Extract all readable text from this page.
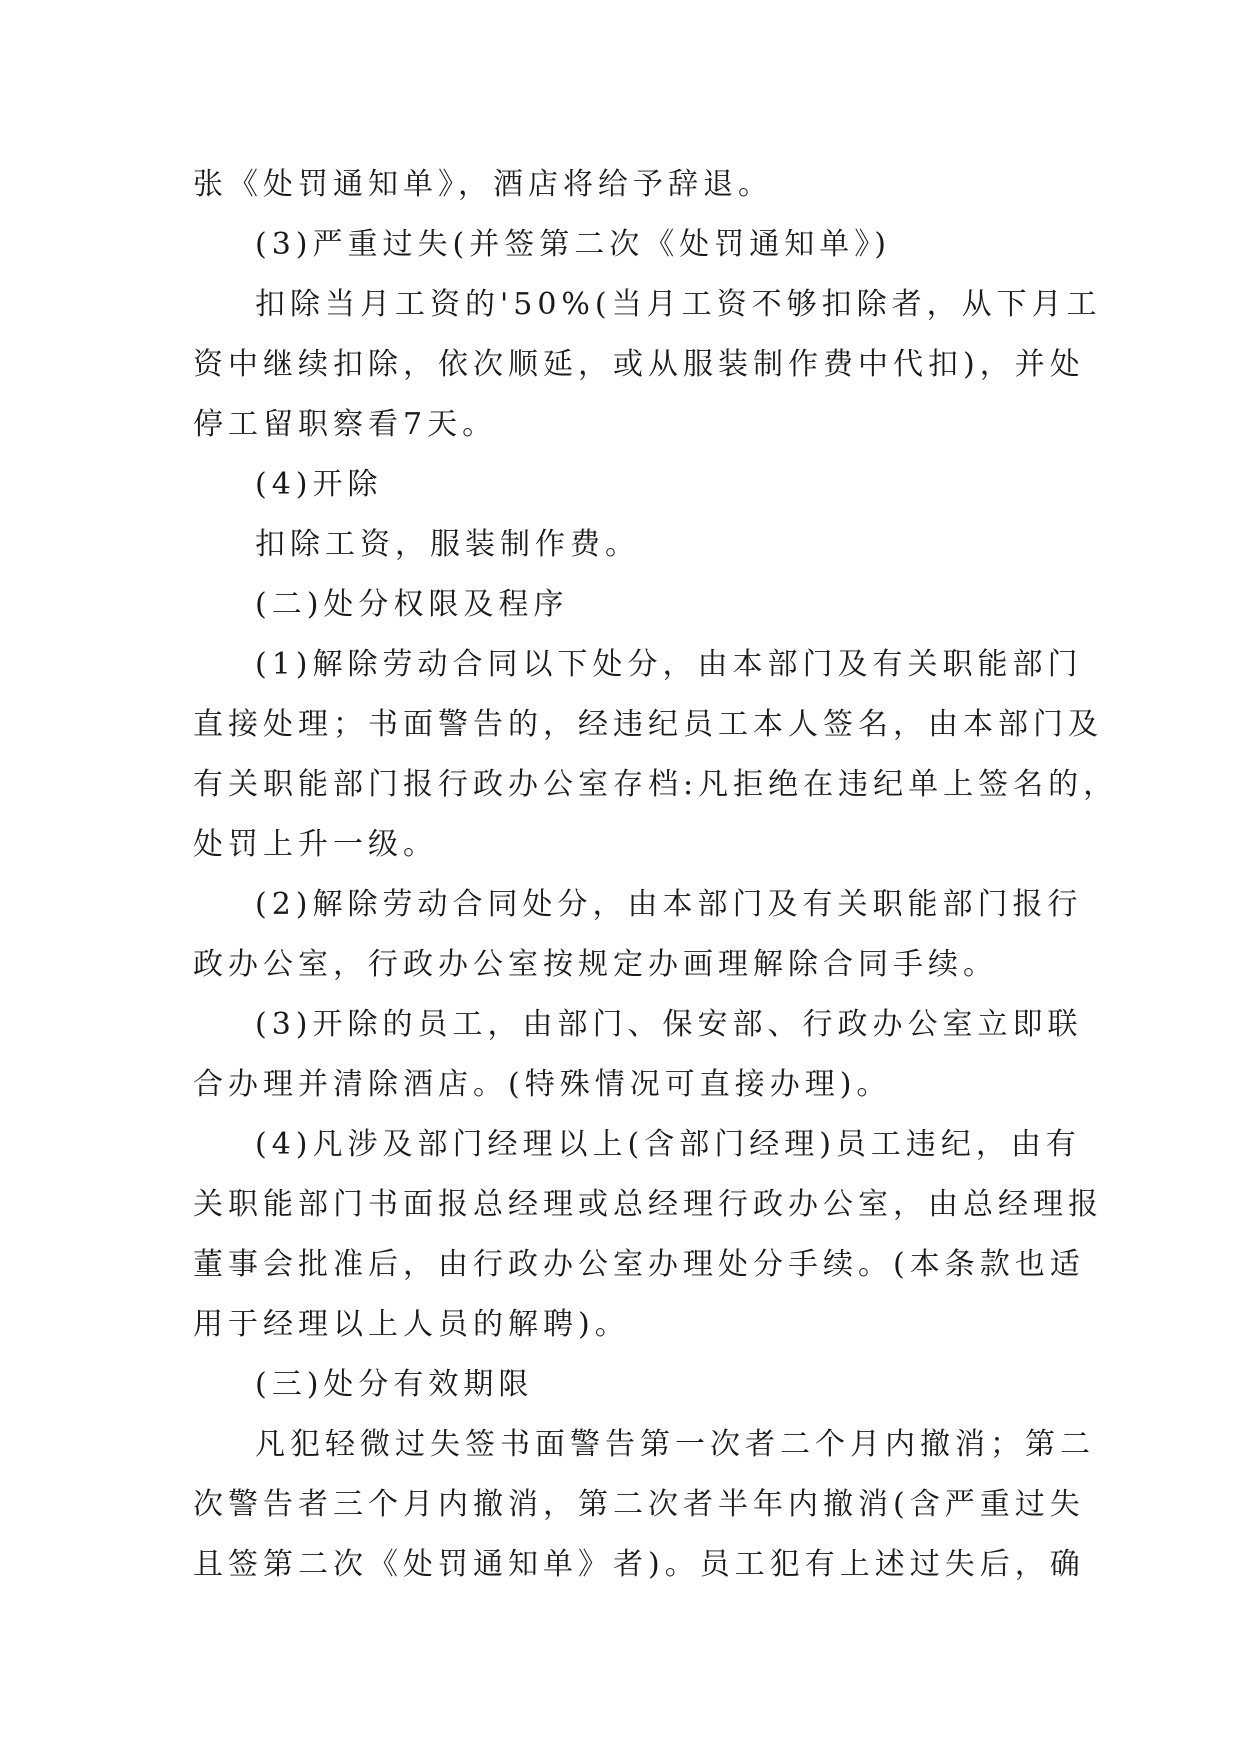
张《处罚通知单》，酒店将给予辞退。
(3)严重过失(并签第二次《处罚通知单》)
扣除当月工资的'50%(当月工资不够扣除者，从下月工
资中继续扣除，依次顺延，或从服装制作费中代扣)，并处
停工留职察看7天。
(4)开除
扣除工资，服装制作费。
(二)处分权限及程序
(1)解除劳动合同以下处分，由本部门及有关职能部门
直接处理；书面警告的，经违纪员工本人签名，由本部门及
有关职能部门报行政办公室存档:凡拒绝在违纪单上签名的，
处罚上升一级。
(2)解除劳动合同处分，由本部门及有关职能部门报行
政办公室，行政办公室按规定办画理解除合同手续。
(3)开除的员工，由部门、保安部、行政办公室立即联
合办理并清除酒店。(特殊情况可直接办理)。
(4)凡涉及部门经理以上(含部门经理)员工违纪，由有
关职能部门书面报总经理或总经理行政办公室，由总经理报
董事会批准后，由行政办公室办理处分手续。(本条款也适
用于经理以上人员的解聘)。
(三)处分有效期限
凡犯轻微过失签书面警告第一次者二个月内撤消；第二
次警告者三个月内撤消，第二次者半年内撤消(含严重过失
且签第二次《处罚通知单》者)。员工犯有上述过失后，确
